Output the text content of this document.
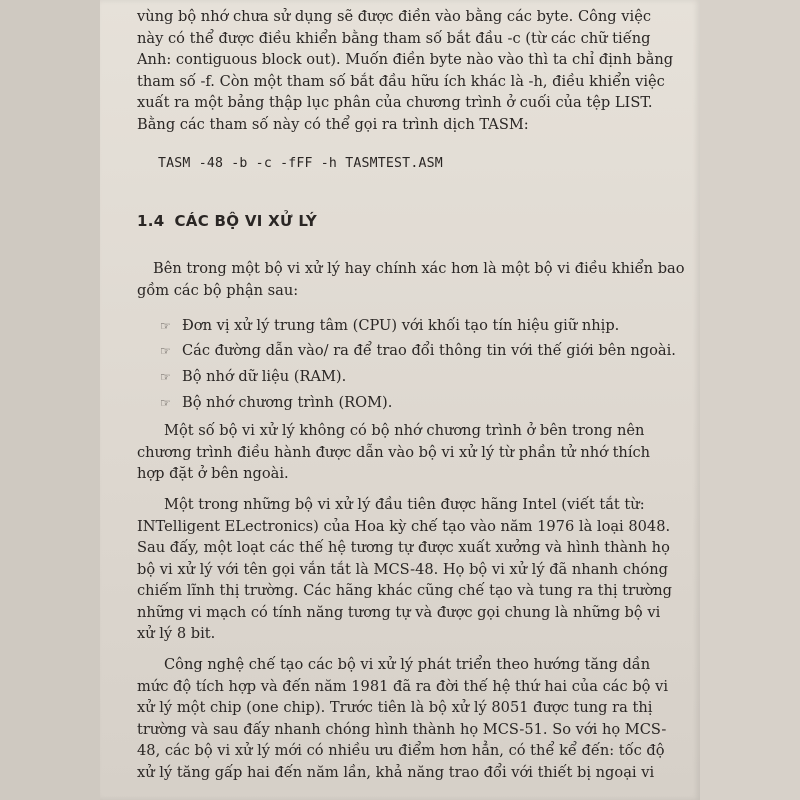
vùng bộ nhớ chưa sử dụng sẽ được điền vào bằng các byte. Công việc
này có thể được điều khiển bằng tham số bắt đầu -c (từ các chữ tiếng
Anh: contiguous block out). Muốn điền byte nào vào thì ta chỉ định bằng
tham số -f. Còn một tham số bắt đầu hữu ích khác là -h, điều khiển việc
xuất ra một bảng thập lục phân của chương trình ở cuối của tệp LIST.
Bằng các tham số này có thể gọi ra trình dịch TASM:
TASM -48 -b -c -fFF -h TASMTEST.ASM
1.4 CÁC BỘ VI XỬ LÝ
Bên trong một bộ vi xử lý hay chính xác hơn là một bộ vi điều khiển bao
gồm các bộ phận sau:
☞ Đơn vị xử lý trung tâm (CPU) với khối tạo tín hiệu giữ nhịp.
☞ Các đường dẫn vào/ ra để trao đổi thông tin với thế giới bên ngoài.
☞ Bộ nhớ dữ liệu (RAM).
☞ Bộ nhớ chương trình (ROM).
Một số bộ vi xử lý không có bộ nhớ chương trình ở bên trong nên
chương trình điều hành được dẫn vào bộ vi xử lý từ phần tử nhớ thích
hợp đặt ở bên ngoài.
Một trong những bộ vi xử lý đầu tiên được hãng Intel (viết tắt từ:
INTelligent ELectronics) của Hoa kỳ chế tạo vào năm 1976 là loại 8048.
Sau đấy, một loạt các thế hệ tương tự được xuất xưởng và hình thành họ
bộ vi xử lý với tên gọi vắn tắt là MCS-48. Họ bộ vi xử lý đã nhanh chóng
chiếm lĩnh thị trường. Các hãng khác cũng chế tạo và tung ra thị trường
những vi mạch có tính năng tương tự và được gọi chung là những bộ vi
xử lý 8 bit.
Công nghệ chế tạo các bộ vi xử lý phát triển theo hướng tăng dần
mức độ tích hợp và đến năm 1981 đã ra đời thế hệ thứ hai của các bộ vi
xử lý một chip (one chip). Trước tiên là bộ xử lý 8051 được tung ra thị
trường và sau đấy nhanh chóng hình thành họ MCS-51. So với họ MCS-
48, các bộ vi xử lý mới có nhiều ưu điểm hơn hẳn, có thể kể đến: tốc độ
xử lý tăng gấp hai đến năm lần, khả năng trao đổi với thiết bị ngoại vi
